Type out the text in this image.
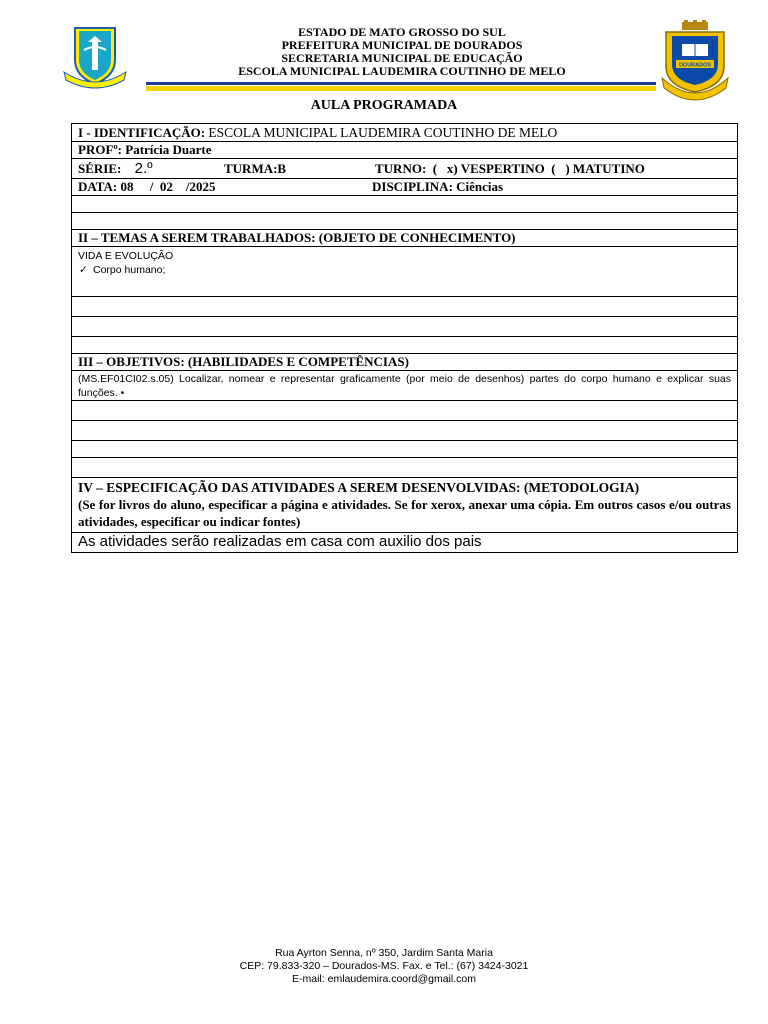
DOURADOS
ESTADO DE MATO GROSSO DO SUL
PREFEITURA MUNICIPAL DE DOURADOS
SECRETARIA MUNICIPAL DE EDUCAÇÃO
ESCOLA MUNICIPAL LAUDEMIRA COUTINHO DE MELO
AULA PROGRAMADA
I - IDENTIFICAÇÃO: ESCOLA MUNICIPAL LAUDEMIRA COUTINHO DE MELO
PROFº: Patrícia Duarte
SÉRIE: 2.º	TURMA:B	TURNO:  (   x) VESPERTINO  (   ) MATUTINO
DATA: 08     /  02    /2025	DISCIPLINA: Ciências
II – TEMAS A SEREM TRABALHADOS: (OBJETO DE CONHECIMENTO)
VIDA E EVOLUÇÃO
✓ Corpo humano;
III – OBJETIVOS: (HABILIDADES E COMPETÊNCIAS)
(MS.EF01CI02.s.05) Localizar, nomear e representar graficamente (por meio de desenhos) partes do corpo humano e explicar suas funções. •
IV – ESPECIFICAÇÃO DAS ATIVIDADES A SEREM DESENVOLVIDAS: (METODOLOGIA)
(Se for livros do aluno, especificar a página e atividades. Se for xerox, anexar uma cópia. Em outros casos e/ou outras atividades, especificar ou indicar fontes)
As atividades serão realizadas em casa com auxilio dos pais
Rua Ayrton Senna, nº 350, Jardim Santa Maria
CEP: 79.833-320 – Dourados-MS. Fax. e Tel.: (67) 3424-3021
E-mail: emlaudemira.coord@gmail.com
